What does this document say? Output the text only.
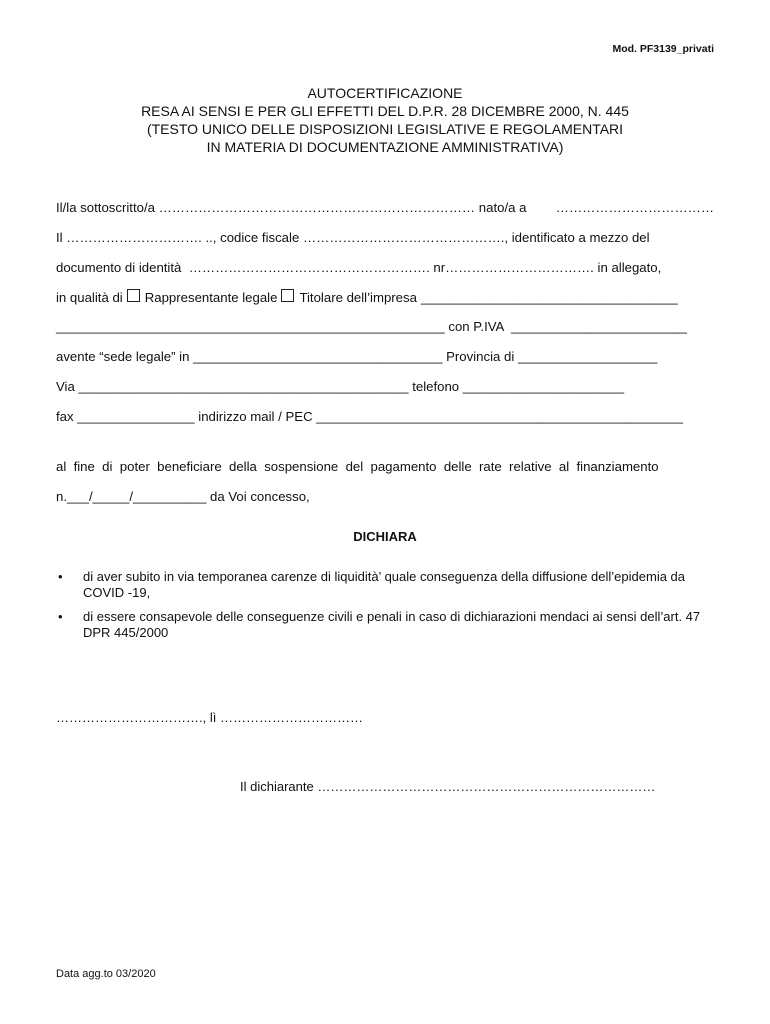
Mod. PF3139_privati
AUTOCERTIFICAZIONE
RESA AI SENSI E PER GLI EFFETTI DEL D.P.R. 28 DICEMBRE 2000, N. 445
(TESTO UNICO DELLE DISPOSIZIONI LEGISLATIVE E REGOLAMENTARI
IN MATERIA DI DOCUMENTAZIONE AMMINISTRATIVA)
Il/la sottoscritto/a ……………………………………………………………… nato/a a ………………………………
Il …………………………. .., codice fiscale ………………………………………., identificato a mezzo del
documento di identità  ………………………………………………. nr……………………………. in allegato,
in qualità di Rappresentante legale Titolare dell’impresa ___________________________________
_____________________________________________________ con P.IVA  ________________________
avente “sede legale” in __________________________________ Provincia di ___________________
Via _____________________________________________ telefono ______________________
fax ________________ indirizzo mail / PEC __________________________________________________
al  fine  di  poter  beneficiare  della  sospensione  del  pagamento  delle  rate  relative  al  finanziamento
n.___/_____/__________ da Voi concesso,
DICHIARA
• di aver subito in via temporanea carenze di liquidità’ quale conseguenza della diffusione dell’epidemia da COVID -19,
• di essere consapevole delle conseguenze civili e penali in caso di dichiarazioni mendaci ai sensi dell’art. 47 DPR 445/2000
……………………………., lì ……………………………
Il dichiarante ……………………………………………………………………
Data agg.to 03/2020
